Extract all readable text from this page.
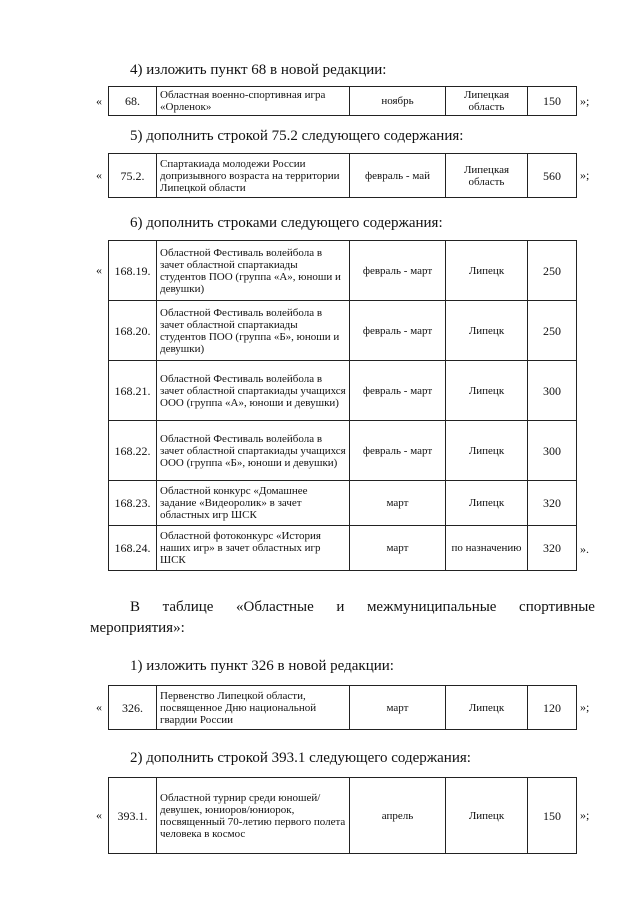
4) изложить пункт 68 в новой редакции:
« 68.	Областная военно-спортивная игра «Орленок»	ноябрь	Липецкая область	150 »;
5) дополнить строкой 75.2 следующего содержания:
« 75.2.	Спартакиада молодежи России допризывного возраста на территории Липецкой области	февраль - май	Липецкая область	560 »;
6) дополнить строками следующего содержания:
« 168.19.	Областной Фестиваль волейбола в зачет областной спартакиады студентов ПОО (группа «А», юноши и девушки)	февраль - март	Липецк	250
168.20.	Областной Фестиваль волейбола в зачет областной спартакиады студентов ПОО (группа «Б», юноши и девушки)	февраль - март	Липецк	250
168.21.	Областной Фестиваль волейбола в зачет областной спартакиады учащихся ООО (группа «А», юноши и девушки)	февраль - март	Липецк	300
168.22.	Областной Фестиваль волейбола в зачет областной спартакиады учащихся ООО (группа «Б», юноши и девушки)	февраль - март	Липецк	300
168.23.	Областной конкурс «Домашнее задание «Видеоролик» в зачет областных игр ШСК	март	Липецк	320
168.24.	Областной фотоконкурс «История наших игр» в зачет областных игр ШСК	март	по назначению	320 ».
В таблице «Областные и межмуниципальные спортивные
мероприятия»:
1) изложить пункт 326 в новой редакции:
« 326.	Первенство Липецкой области, посвященное Дню национальной гвардии России	март	Липецк	120 »;
2) дополнить строкой 393.1 следующего содержания:
« 393.1.	Областной турнир среди юношей/девушек, юниоров/юниорок, посвященный 70-летию первого полета человека в космос	апрель	Липецк	150 »;
